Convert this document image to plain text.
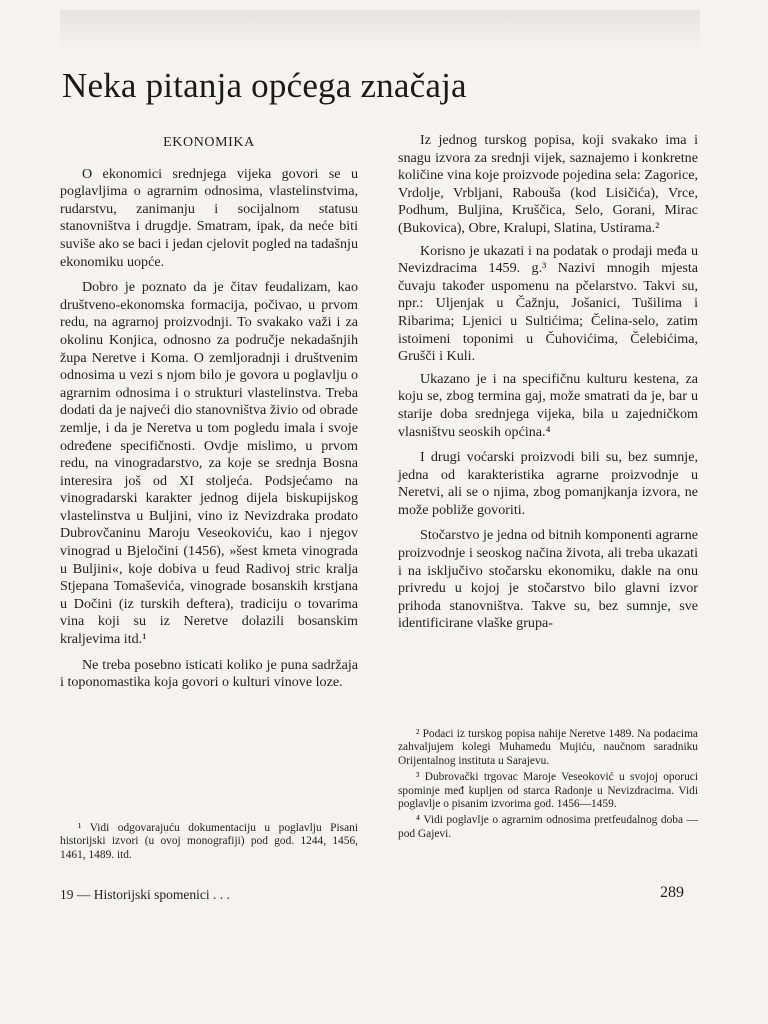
Neka pitanja općega značaja
EKONOMIKA

O ekonomici srednjega vijeka govori se u poglavljima o agrarnim odnosima, vlastelinstvima, rudarstvu, zanimanju i socijalnom statusu stanovništva i drugdje. Smatram, ipak, da neće biti suviše ako se baci i jedan cjelovit pogled na tadašnju ekonomiku uopće.

Dobro je poznato da je čitav feudalizam, kao društveno-ekonomska formacija, počivao, u prvom redu, na agrarnoj proizvodnji. To svakako važi i za okolinu Konjica, odnosno za područje nekadašnjih župa Neretve i Koma. O zemljoradnji i društvenim odnosima u vezi s njom bilo je govora u poglavlju o agrarnim odnosima i o strukturi vlastelinstva. Treba dodati da je najveći dio stanovništva živio od obrade zemlje, i da je Neretva u tom pogledu imala i svoje određene specifičnosti. Ovdje mislimo, u prvom redu, na vinogradarstvo, za koje se srednja Bosna interesira još od XI stoljeća. Podsjećamo na vinogradarski karakter jednog dijela biskupijskog vlastelinstva u Buljini, vino iz Nevizdraka prodato Dubrovčaninu Maroju Veseokoviću, kao i njegov vinograd u Bjeločini (1456), »šest kmeta vinograda u Buljini«, koje dobiva u feud Radivoj stric kralja Stjepana Tomaševića, vinograde bosanskih krstjana u Dočini (iz turskih deftera), tradiciju o tovarima vina koji su iz Neretve dolazili bosanskim kraljevima itd.¹

Ne treba posebno isticati koliko je puna sadržaja i toponomastika koja govori o kulturi vinove loze.

¹ Vidi odgovarajuću dokumentaciju u poglavlju Pisani historijski izvori (u ovoj monografiji) pod god. 1244, 1456, 1461, 1489. itd.

Iz jednog turskog popisa, koji svakako ima i snagu izvora za srednji vijek, saznajemo i konkretne količine vina koje proizvode pojedina sela: Zagorice, Vrdolje, Vrbljani, Rabouša (kod Lisičića), Vrce, Podhum, Buljina, Kruščica, Selo, Gorani, Mirac (Bukovica), Obre, Kralupi, Slatina, Ustirama.²

Korisno je ukazati i na podatak o prodaji međa u Nevizdracima 1459. g.³ Nazivi mnogih mjesta čuvaju također uspomenu na pčelarstvo. Takvi su, npr.: Uljenjak u Čažnju, Jošanici, Tušilima i Ribarima; Ljenici u Sultićima; Čelina-selo, zatim istoimeni toponimi u Čuhovićima, Čelebićima, Grušči i Kuli.

Ukazano je i na specifičnu kulturu kestena, za koju se, zbog termina gaj, može smatrati da je, bar u starije doba srednjega vijeka, bila u zajedničkom vlasništvu seoskih općina.⁴

I drugi voćarski proizvodi bili su, bez sumnje, jedna od karakteristika agrarne proizvodnje u Neretvi, ali se o njima, zbog pomanjkanja izvora, ne može pobliže govoriti.

Stočarstvo je jedna od bitnih komponenti agrarne proizvodnje i seoskog načina života, ali treba ukazati i na isključivo stočarsku ekonomiku, dakle na onu privredu u kojoj je stočarstvo bilo glavni izvor prihoda stanovništva. Takve su, bez sumnje, sve identificirane vlaške grupa-

² Podaci iz turskog popisa nahije Neretve 1489. Na podacima zahvaljujem kolegi Muhamedu Mujiću, naučnom saradniku Orijentalnog instituta u Sarajevu.

³ Dubrovački trgovac Maroje Veseoković u svojoj oporuci spominje međ kupljen od starca Radonje u Nevizdracima. Vidi poglavlje o pisanim izvorima god. 1456—1459.

⁴ Vidi poglavlje o agrarnim odnosima pretfeudalnog doba — pod Gajevi.

19 — Historijski spomenici . . .	289
